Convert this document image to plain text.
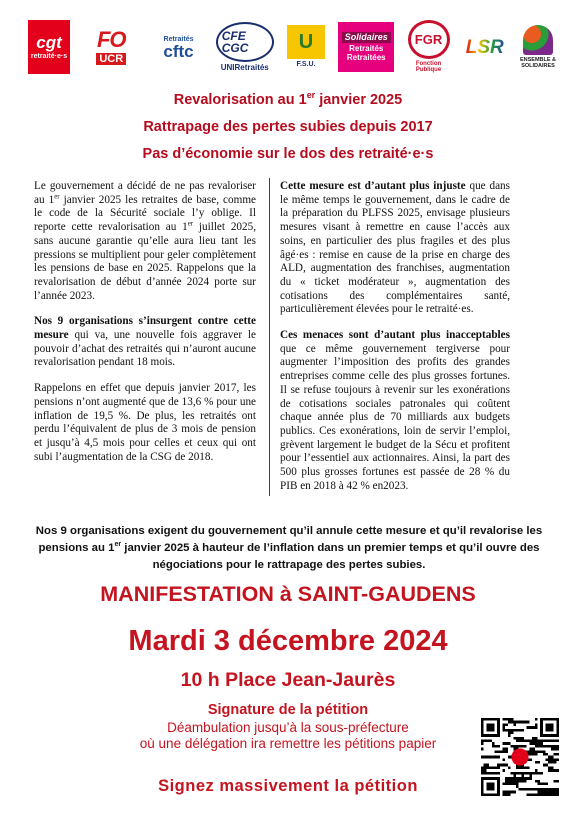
cgt
retraité·e·s
FO
UCR
Retraités
cftc
CFE CGC
UNIRetraités
U
F.S.U.
Solidaires
Retraités Retraitées
FGR
Fonction Publique
LSR
ENSEMBLE & SOLIDAIRES

Revalorisation au 1er janvier 2025

Rattrapage des pertes subies depuis 2017

Pas d’économie sur le dos des retraité·e·s

Le gouvernement a décidé de ne pas revaloriser au 1er janvier 2025 les retraites de base, comme le code de la Sécurité sociale l’y oblige. Il reporte cette revalorisation au 1er juillet 2025, sans aucune garantie qu’elle aura lieu tant les pressions se multiplient pour geler complètement les pensions de base en 2025. Rappelons que la revalorisation de début d’année 2024 porte sur l’année 2023.

Nos 9 organisations s’insurgent contre cette mesure qui va, une nouvelle fois aggraver le pouvoir d’achat des retraités qui n’auront aucune revalorisation pendant 18 mois.

Rappelons en effet que depuis janvier 2017, les pensions n’ont augmenté que de 13,6 % pour une inflation de 19,5 %. De plus, les retraités ont perdu l’équivalent de plus de 3 mois de pension et jusqu’à 4,5 mois pour celles et ceux qui ont subi l’augmentation de la CSG de 2018.

Cette mesure est d’autant plus injuste que dans le même temps le gouvernement, dans le cadre de la préparation du PLFSS 2025, envisage plusieurs mesures visant à remettre en cause l’accès aux soins, en particulier des plus fragiles et des plus âgé·es : remise en cause de la prise en charge des ALD, augmentation des franchises, augmentation du « ticket modérateur », augmentation des cotisations des complémentaires santé, particulièrement élevées pour le retraité·es.

Ces menaces sont d’autant plus inacceptables que ce même gouvernement tergiverse pour augmenter l’imposition des profits des grandes entreprises comme celle des plus grosses fortunes. Il se refuse toujours à revenir sur les exonérations de cotisations sociales patronales qui coûtent chaque année plus de 70 milliards aux budgets publics. Ces exonérations, loin de servir l’emploi, grèvent largement le budget de la Sécu et profitent pour l’essentiel aux actionnaires. Ainsi, la part des 500 plus grosses fortunes est passée de 28 % du PIB en 2018 à 42 % en2023.

Nos 9 organisations exigent du gouvernement qu’il annule cette mesure et qu’il revalorise les pensions au 1er janvier 2025 à hauteur de l’inflation dans un premier temps et qu’il ouvre des négociations pour le rattrapage des pertes subies.

MANIFESTATION à SAINT-GAUDENS

Mardi 3 décembre 2024

10 h Place Jean-Jaurès

Signature de la pétition

Déambulation jusqu’à la sous-préfecture
où une délégation ira remettre les pétitions papier

Signez massivement la pétition
